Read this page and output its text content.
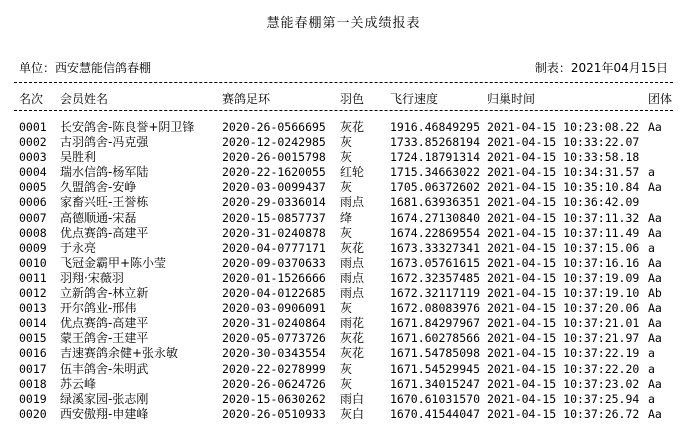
慧能春棚第一关成绩报表
单位：西安慧能信鸽春棚	制表：2021年04月15日
名次 会员姓名	赛鸽足环	羽色 飞行速度	归巢时间	团体
0001 长安鸽舍-陈良誉+阴卫锋 2020-26-0566695 灰花 1916.46849295 2021-04-15 10:23:08.22 Aa
0002 古羽鸽舍-冯克强	2020-12-0242985 灰	1733.85268194 2021-04-15 10:33:22.07
0003 吴胜利	2020-26-0015798 灰	1724.18791314 2021-04-15 10:33:58.18
0004 瑞水信鸽-杨军陆	2020-22-1620055 红轮 1715.34663022 2021-04-15 10:34:31.57 a
0005 久盟鸽舍-安峥	2020-03-0099437 灰	1705.06372602 2021-04-15 10:35:10.84 Aa
0006 家畜兴旺-王誉栋	2020-29-0336014 雨点 1681.63936351 2021-04-15 10:36:42.09
0007 高德顺通-宋磊	2020-15-0857737 绛	1674.27130840 2021-04-15 10:37:11.32 Aa
0008 优点赛鸽-高建平	2020-31-0240878 灰	1674.22869554 2021-04-15 10:37:11.49 Aa
0009 于永亮	2020-04-0777171 灰花 1673.33327341 2021-04-15 10:37:15.06 a
0010 飞冠金霸甲+陈小莹	2020-09-0370633 雨点 1673.05761615 2021-04-15 10:37:16.16 Aa
0011 羽翔·宋薇羽	2020-01-1526666 雨点 1672.32357485 2021-04-15 10:37:19.09 Aa
0012 立新鸽舍-林立新	2020-04-0122685 雨点 1672.32117119 2021-04-15 10:37:19.10 Ab
0013 开尔鸽业-邢伟	2020-03-0906091 灰	1672.08083976 2021-04-15 10:37:20.06 Aa
0014 优点赛鸽-高建平	2020-31-0240864 雨花 1671.84297967 2021-04-15 10:37:21.01 Aa
0015 蒙王鸽舍-王建平	2020-05-0773726 灰花 1671.60278566 2021-04-15 10:37:21.97 Aa
0016 吉速赛鸽余健+张永敏	2020-30-0343554 灰花 1671.54785098 2021-04-15 10:37:22.19 a
0017 伍丰鸽舍-朱明武	2020-22-0278999 灰	1671.54529945 2021-04-15 10:37:22.20 a
0018 苏云峰	2020-26-0624726 灰	1671.34015247 2021-04-15 10:37:23.02 Aa
0019 绿溪家园-张志刚	2020-15-0630262 雨白 1670.61031570 2021-04-15 10:37:25.94 a
0020 西安傲翔-申建峰	2020-26-0510933 灰白 1670.41544047 2021-04-15 10:37:26.72 Aa
